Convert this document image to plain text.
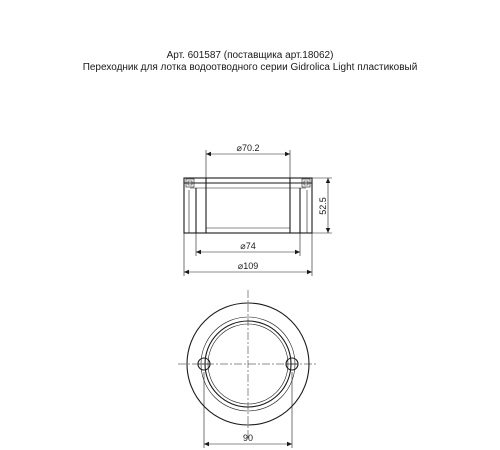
Арт. 601587 (поставщика арт.18062)
Переходник для лотка водоотводного серии Gidrolica Light пластиковый
⌀70.2
52.5
⌀74
⌀109
90
